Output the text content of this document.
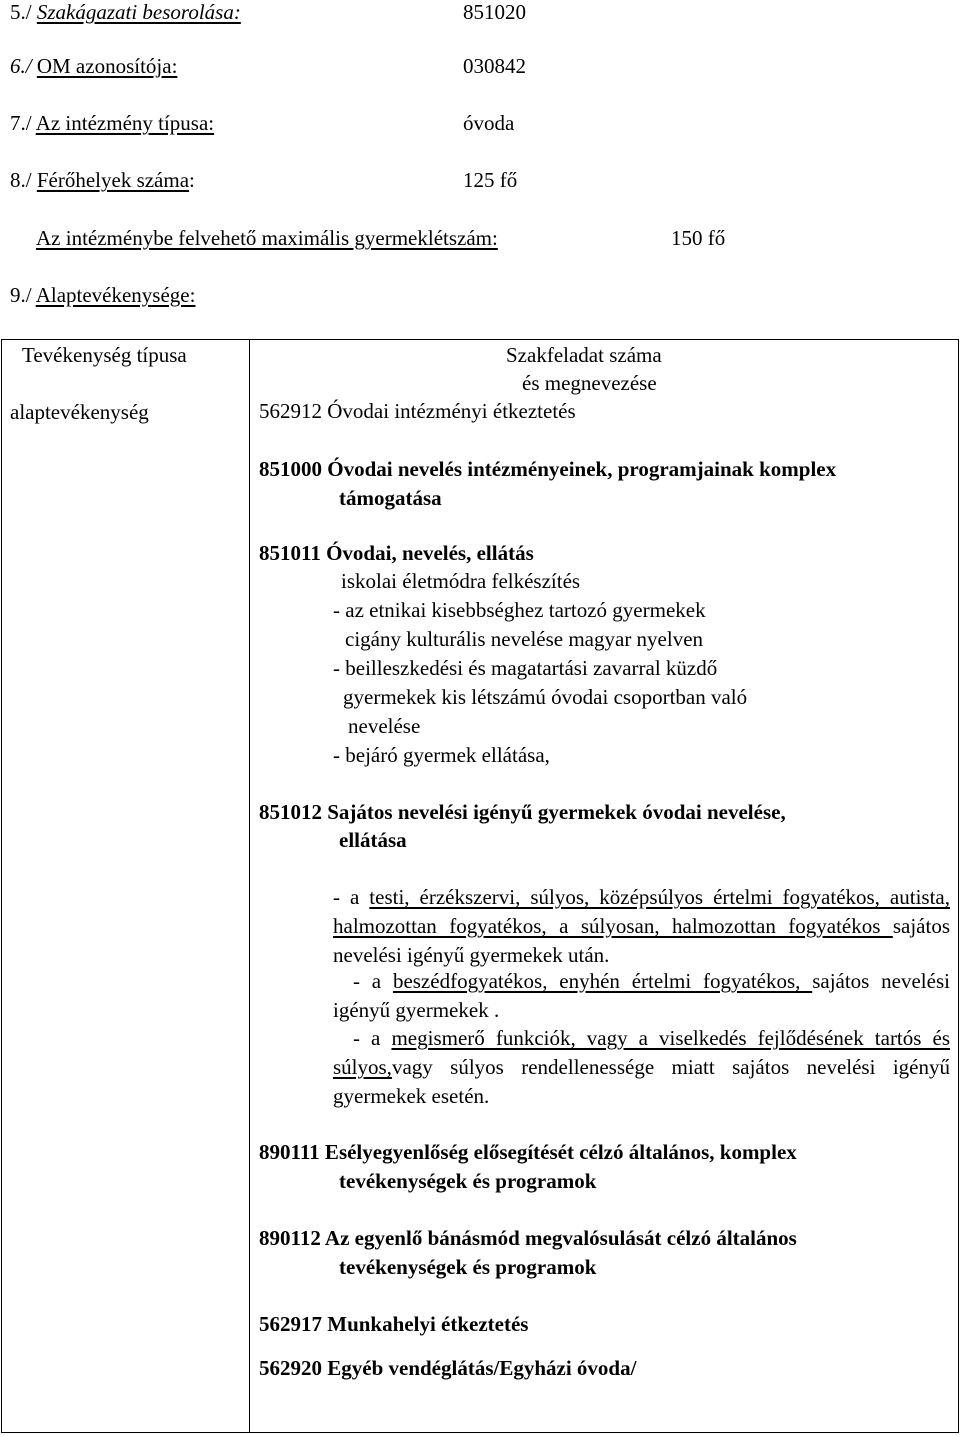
5./ Szakágazati besorolása:	851020
6./ OM azonosítója:	030842
7./ Az intézmény típusa:	óvoda
8./ Férőhelyek száma:	125 fő
Az intézménybe felvehető maximális gyermeklétszám:	150 fő
9./ Alaptevékenysége:
Tevékenység típusa	Szakfeladat száma
és megnevezése
alaptevékenység	562912 Óvodai intézményi étkeztetés
851000 Óvodai nevelés intézményeinek, programjainak komplex
támogatása
851011 Óvodai, nevelés, ellátás
iskolai életmódra felkészítés
- az etnikai kisebbséghez tartozó gyermekek
cigány kulturális nevelése magyar nyelven
- beilleszkedési és magatartási zavarral küzdő
gyermekek kis létszámú óvodai csoportban való
nevelése
- bejáró gyermek ellátása,
851012 Sajátos nevelési igényű gyermekek óvodai nevelése,
ellátása
- a testi, érzékszervi, súlyos, középsúlyos értelmi fogyatékos, autista, halmozottan fogyatékos, a súlyosan, halmozottan fogyatékos sajátos nevelési igényű gyermekek után.
- a beszédfogyatékos, enyhén értelmi fogyatékos, sajátos nevelési igényű gyermekek .
- a megismerő funkciók, vagy a viselkedés fejlődésének tartós és súlyos,vagy súlyos rendellenessége miatt sajátos nevelési igényű gyermekek esetén.
890111 Esélyegyenlőség elősegítését célzó általános, komplex
tevékenységek és programok
890112 Az egyenlő bánásmód megvalósulását célzó általános
tevékenységek és programok
562917 Munkahelyi étkeztetés
562920 Egyéb vendéglátás/Egyházi óvoda/
